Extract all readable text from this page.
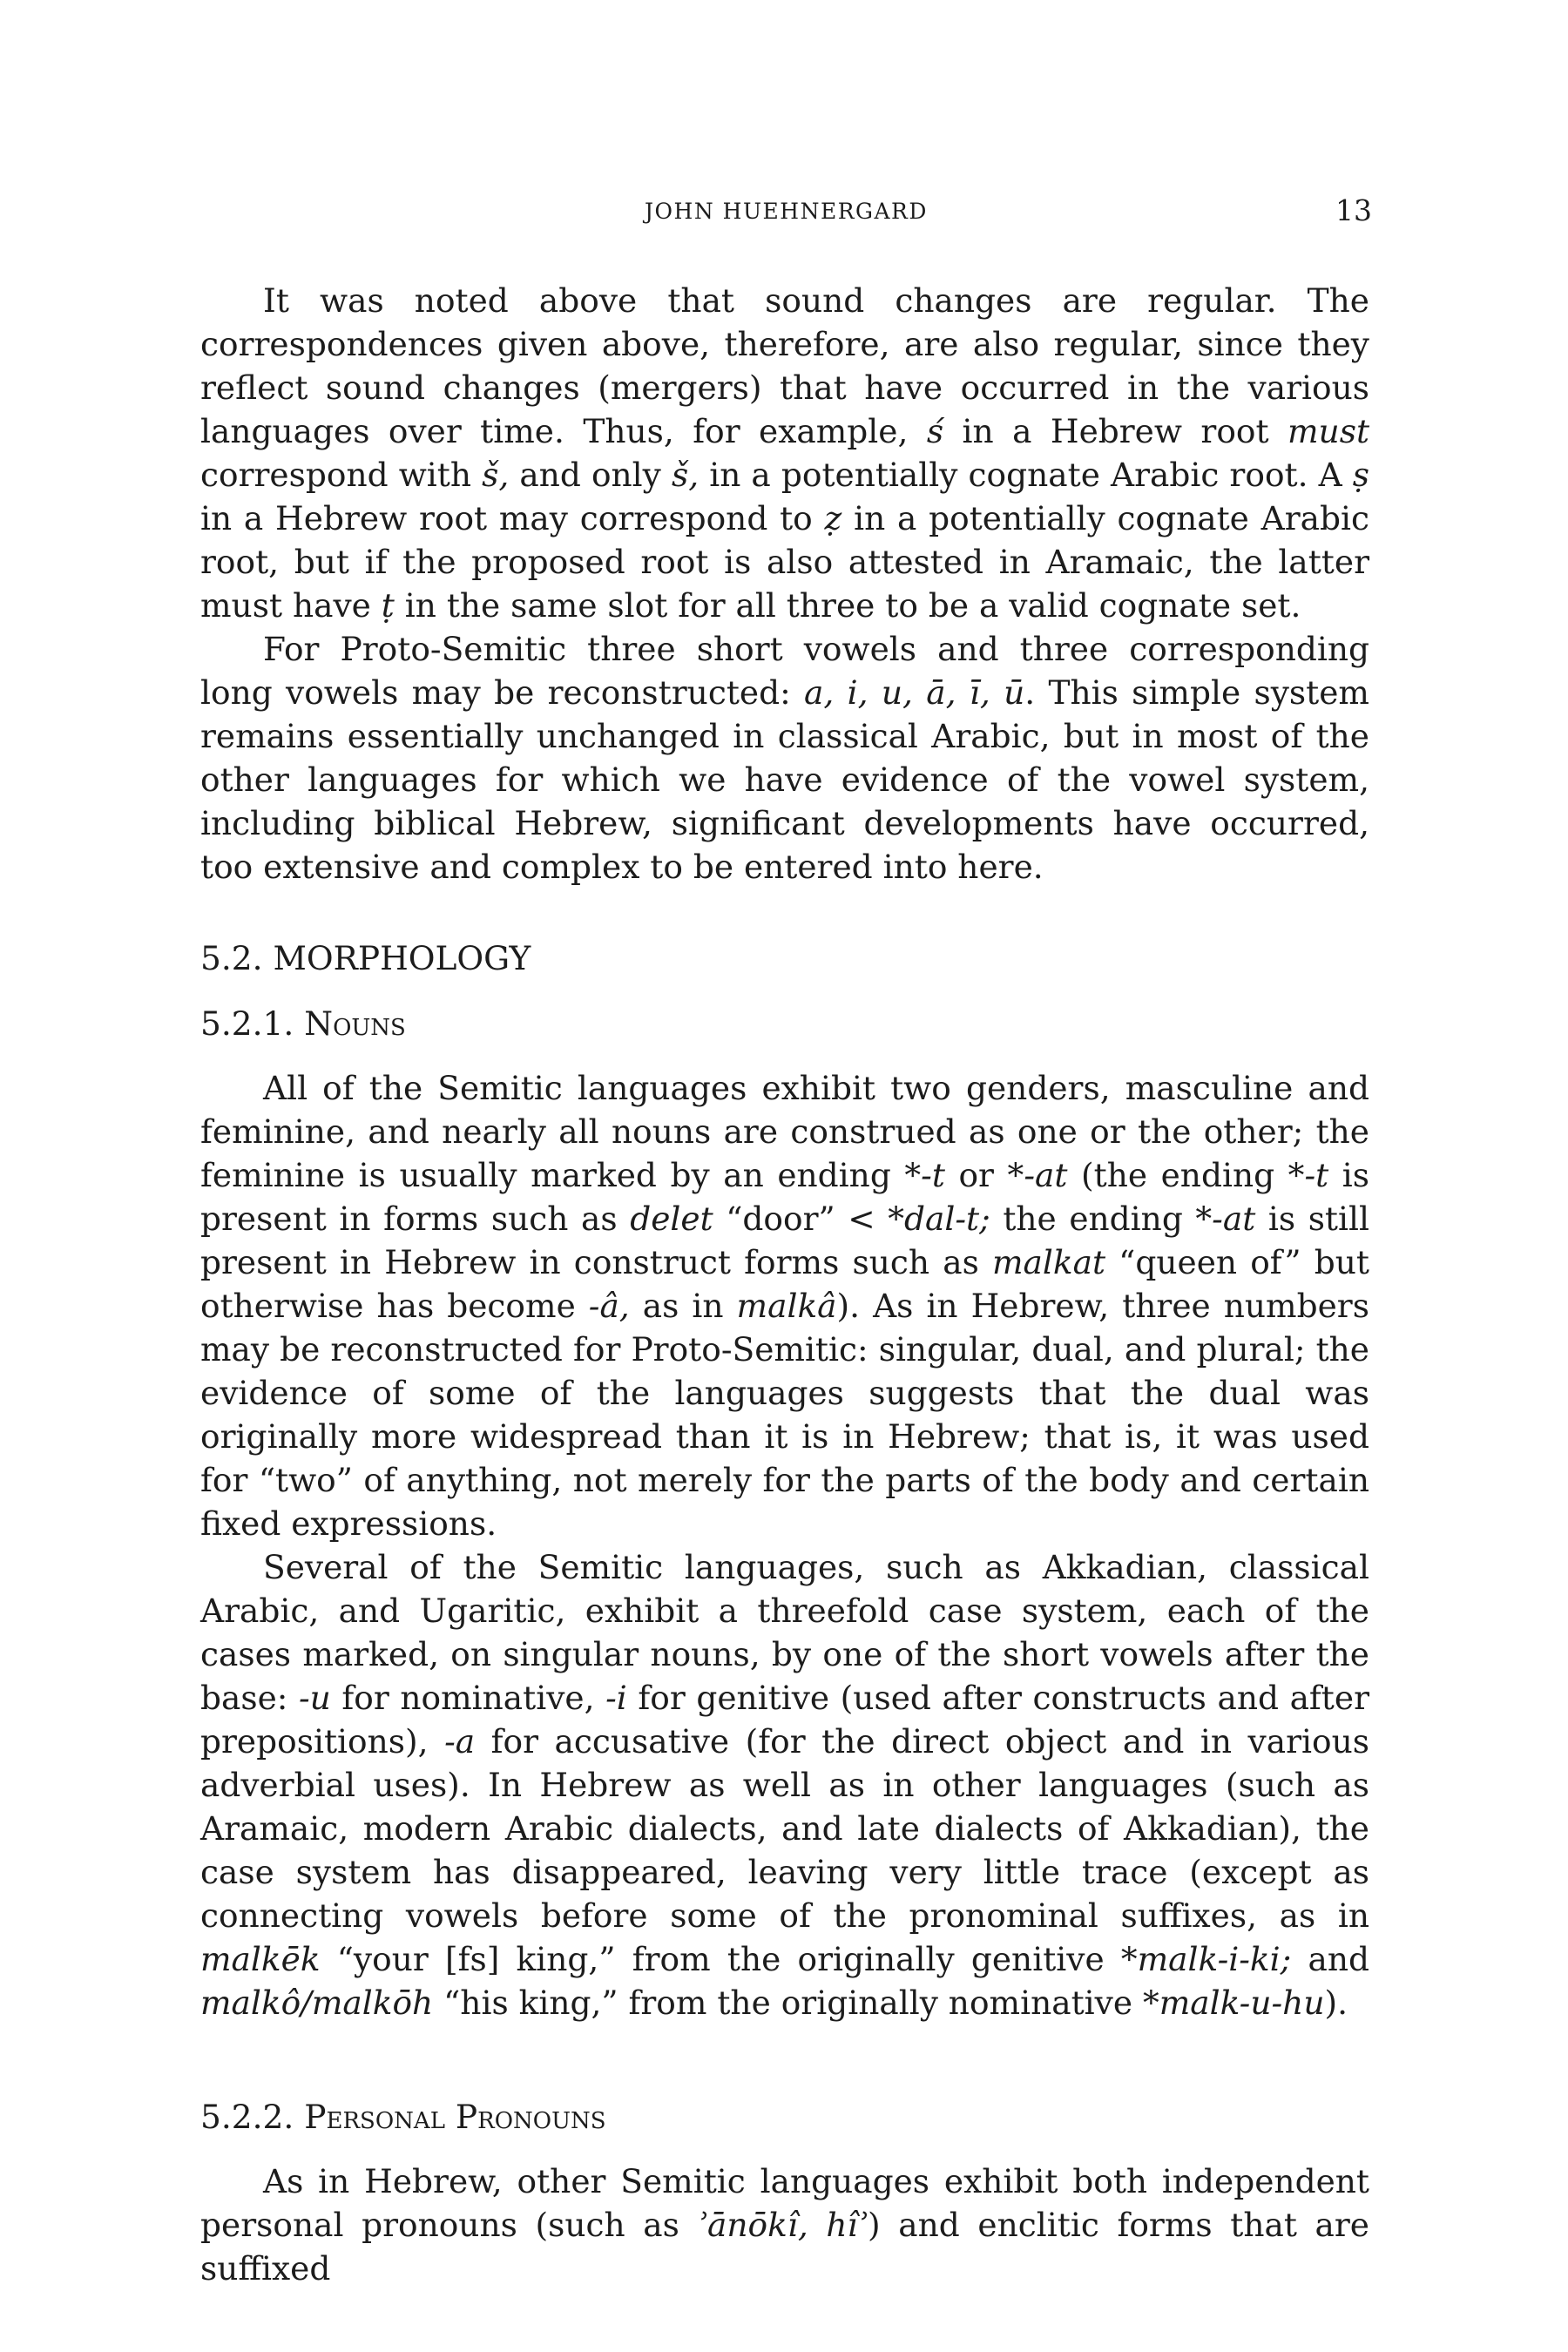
JOHN HUEHNERGARD	13

It was noted above that sound changes are regular. The correspondences given above, therefore, are also regular, since they reflect sound changes (mergers) that have occurred in the various languages over time. Thus, for example, ś in a Hebrew root must correspond with š, and only š, in a potentially cognate Arabic root. A ṣ in a Hebrew root may correspond to ẓ in a potentially cognate Arabic root, but if the proposed root is also attested in Aramaic, the latter must have ṭ in the same slot for all three to be a valid cognate set.

For Proto-Semitic three short vowels and three corresponding long vowels may be reconstructed: a, i, u, ā, ī, ū. This simple system remains essentially unchanged in classical Arabic, but in most of the other languages for which we have evidence of the vowel system, including biblical Hebrew, significant developments have occurred, too extensive and complex to be entered into here.

5.2. MORPHOLOGY
5.2.1. Nouns

All of the Semitic languages exhibit two genders, masculine and feminine, and nearly all nouns are construed as one or the other; the feminine is usually marked by an ending *-t or *-at (the ending *-t is present in forms such as delet “door” < *dal-t; the ending *-at is still present in Hebrew in construct forms such as malkat “queen of” but otherwise has become -â, as in malkâ). As in Hebrew, three numbers may be reconstructed for Proto-Semitic: singular, dual, and plural; the evidence of some of the languages suggests that the dual was originally more widespread than it is in Hebrew; that is, it was used for “two” of anything, not merely for the parts of the body and certain fixed expressions.

Several of the Semitic languages, such as Akkadian, classical Arabic, and Ugaritic, exhibit a threefold case system, each of the cases marked, on singular nouns, by one of the short vowels after the base: -u for nominative, -i for genitive (used after constructs and after prepositions), -a for accusative (for the direct object and in various adverbial uses). In Hebrew as well as in other languages (such as Aramaic, modern Arabic dialects, and late dialects of Akkadian), the case system has disappeared, leaving very little trace (except as connecting vowels before some of the pronominal suffixes, as in malkēk “your [fs] king,” from the originally genitive *malk-i-ki; and malkô/malkōh “his king,” from the originally nominative *malk-u-hu).

5.2.2. Personal Pronouns

As in Hebrew, other Semitic languages exhibit both independent personal pronouns (such as ʾānōkî, hîʾ) and enclitic forms that are suffixed
